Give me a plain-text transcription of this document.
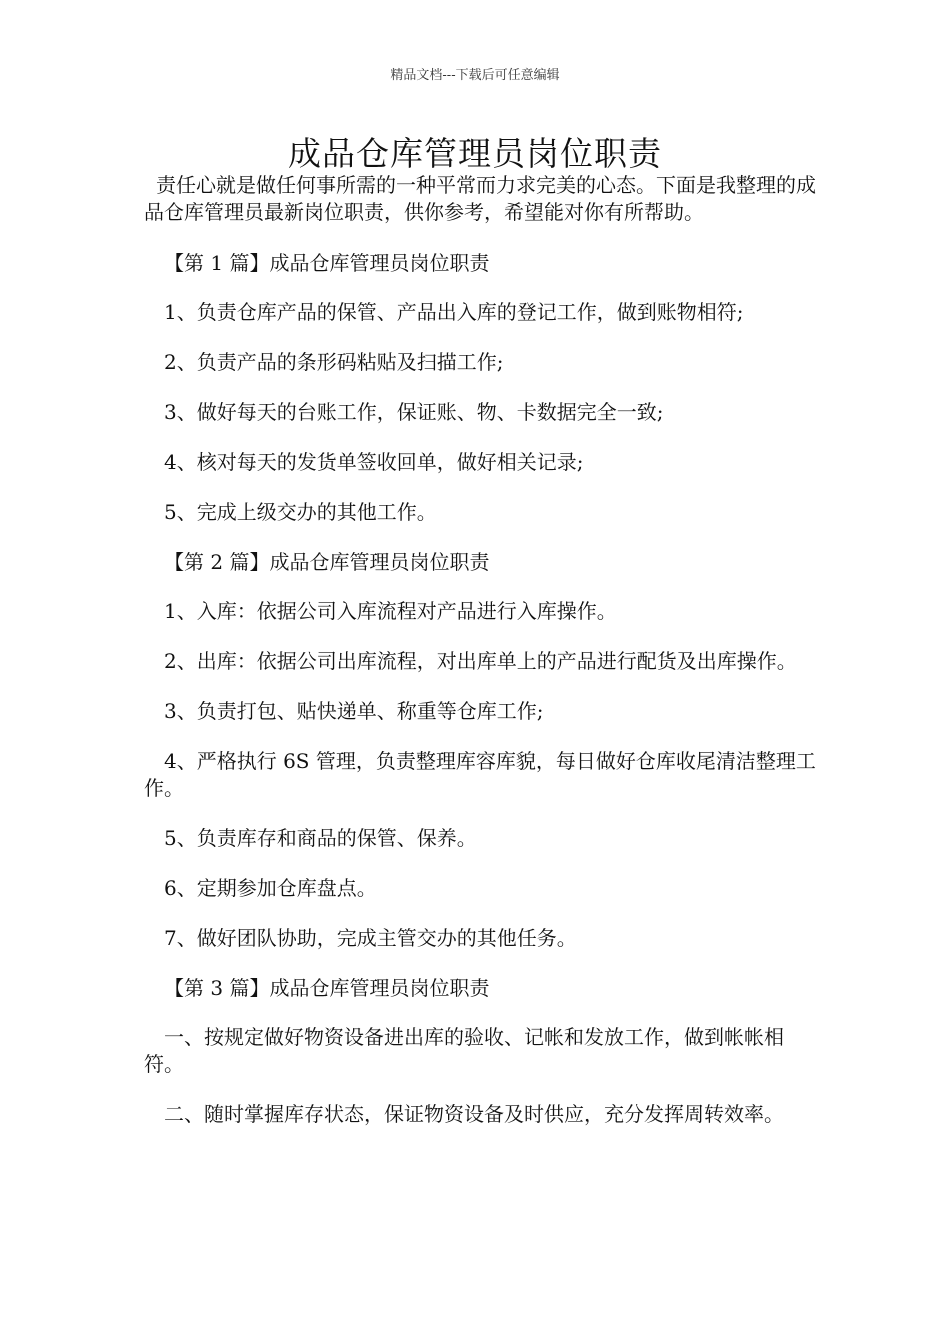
精品文档---下载后可任意编辑
成品仓库管理员岗位职责

责任心就是做任何事所需的一种平常而力求完美的心态。下面是我整理的成品仓库管理员最新岗位职责，供你参考，希望能对你有所帮助。

【第 1 篇】成品仓库管理员岗位职责

1、负责仓库产品的保管、产品出入库的登记工作，做到账物相符;

2、负责产品的条形码粘贴及扫描工作;

3、做好每天的台账工作，保证账、物、卡数据完全一致;

4、核对每天的发货单签收回单，做好相关记录;

5、完成上级交办的其他工作。

【第 2 篇】成品仓库管理员岗位职责

1、入库：依据公司入库流程对产品进行入库操作。

2、出库：依据公司出库流程，对出库单上的产品进行配货及出库操作。

3、负责打包、贴快递单、称重等仓库工作;

4、严格执行 6S 管理，负责整理库容库貌，每日做好仓库收尾清洁整理工作。

5、负责库存和商品的保管、保养。

6、定期参加仓库盘点。

7、做好团队协助，完成主管交办的其他任务。

【第 3 篇】成品仓库管理员岗位职责

一、按规定做好物资设备进出库的验收、记帐和发放工作，做到帐帐相符。

二、随时掌握库存状态，保证物资设备及时供应，充分发挥周转效率。
